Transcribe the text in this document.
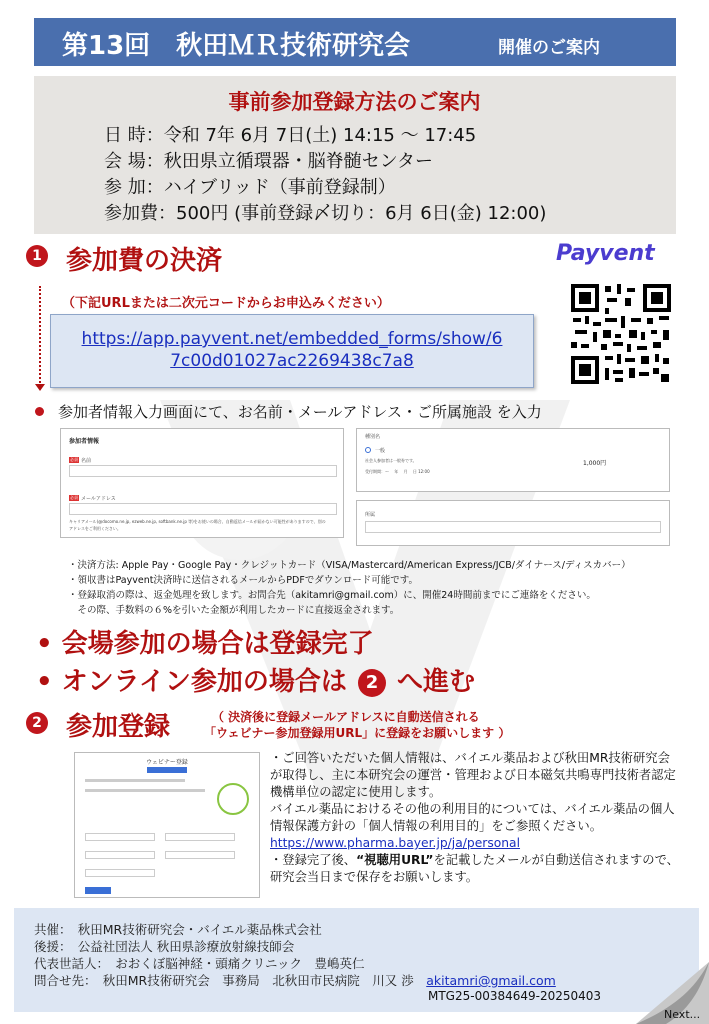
第13回　秋田ＭＲ技術研究会	開催のご案内
事前参加登録方法のご案内
日 時：令和 7年 6月 7日(土) 14:15 ～ 17:45
会 場：秋田県立循環器・脳脊髄センター
参 加：ハイブリッド（事前登録制）
参加費：500円 (事前登録〆切り：6月 6日(金) 12:00)
1 参加費の決済	Payvent
（下記URLまたは二次元コードからお申込みください）
https://app.payvent.net/embedded_forms/show/6
7c00d01027ac2269438c7a8
参加者情報入力画面にて、お名前・メールアドレス・ご所属施設 を入力
参加者情報
必須 名前
必須 メールアドレス
キャリアメール(@docomo.ne.jp, ezweb.ne.jp, softbank.ne.jp 等)をお使いの場合、自動返信メールが届かない可能性がありますので、別の
アドレスをご利用ください。
種別名
一般
社会人参加者は一般券です。	1,000円
受付期間：～ 　年 　月 　日 12:00
所属
・決済方法: Apple Pay・Google Pay・クレジットカード（VISA/Mastercard/American Express/JCB/ダイナース/ディスカバー）
・領収書はPayvent決済時に送信されるメールからPDFでダウンロード可能です。
・登録取消の際は、返金処理を致します。お問合先（akitamri@gmail.com）に、開催24時間前までにご連絡をください。
　その際、手数料の６%を引いた金額が利用したカードに直接返金されます。
• 会場参加の場合は登録完了
• オンライン参加の場合は 2 へ進む
2 参加登録	（ 決済後に登録メールアドレスに自動送信される
「ウェビナー参加登録用URL」に登録をお願いします ）
ウェビナー登録	・ご回答いただいた個人情報は、バイエル薬品および秋田MR技術研究会が取得し、主に本研究会の運営・管理および日本磁気共鳴専門技術者認定機構単位の認定に使用します。
バイエル薬品におけるその他の利用目的については、バイエル薬品の個人情報保護方針の「個人情報の利用目的」をご参照ください。
https://www.pharma.bayer.jp/ja/personal
・登録完了後、“視聴用URL”を記載したメールが自動送信されますので、研究会当日まで保存をお願いします。
共催：　秋田MR技術研究会・バイエル薬品株式会社
後援：　公益社団法人 秋田県診療放射線技師会
代表世話人：　おおくぼ脳神経・頭痛クリニック　豊嶋英仁
問合せ先：　秋田MR技術研究会　事務局　北秋田市民病院　川又 渉　 akitamri@gmail.com
MTG25-00384649-20250403
Next...
